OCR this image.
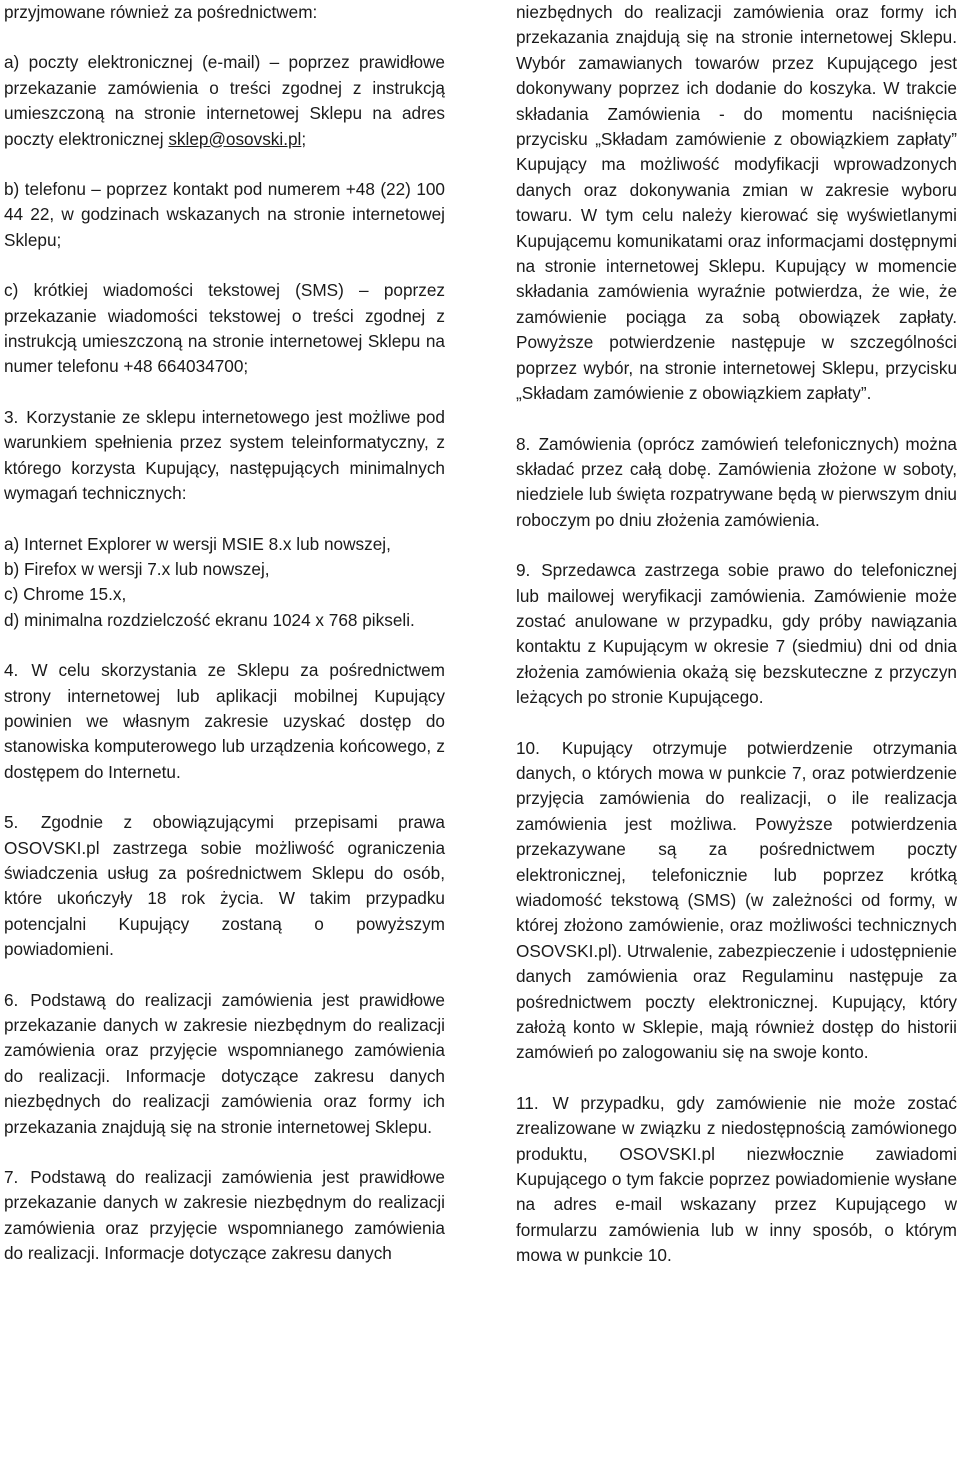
przyjmowane również za pośrednictwem:

a) poczty elektronicznej (e-mail) – poprzez prawidłowe przekazanie zamówienia o treści zgodnej z instrukcją umieszczoną na stronie internetowej Sklepu na adres poczty elektronicznej sklep@osovski.pl;

b) telefonu – poprzez kontakt pod numerem +48 (22) 100 44 22, w godzinach wskazanych na stronie internetowej Sklepu;

c) krótkiej wiadomości tekstowej (SMS) – poprzez przekazanie wiadomości tekstowej o treści zgodnej z instrukcją umieszczoną na stronie internetowej Sklepu na numer telefonu +48 664034700;

3. Korzystanie ze sklepu internetowego jest możliwe pod warunkiem spełnienia przez system teleinformatyczny, z którego korzysta Kupujący, następujących minimalnych wymagań technicznych:

a) Internet Explorer w wersji MSIE 8.x lub nowszej,
b) Firefox w wersji 7.x lub nowszej,
c) Chrome 15.x,
d) minimalna rozdzielczość ekranu 1024 x 768 pikseli.

4. W celu skorzystania ze Sklepu za pośrednictwem strony internetowej lub aplikacji mobilnej Kupujący powinien we własnym zakresie uzyskać dostęp do stanowiska komputerowego lub urządzenia końcowego, z dostępem do Internetu.

5. Zgodnie z obowiązującymi przepisami prawa OSOVSKI.pl zastrzega sobie możliwość ograniczenia świadczenia usług za pośrednictwem Sklepu do osób, które ukończyły 18 rok życia. W takim przypadku potencjalni Kupujący zostaną o powyższym powiadomieni.

6. Podstawą do realizacji zamówienia jest prawidłowe przekazanie danych w zakresie niezbędnym do realizacji zamówienia oraz przyjęcie wspomnianego zamówienia do realizacji. Informacje dotyczące zakresu danych niezbędnych do realizacji zamówienia oraz formy ich przekazania znajdują się na stronie internetowej Sklepu.

7. Podstawą do realizacji zamówienia jest prawidłowe przekazanie danych w zakresie niezbędnym do realizacji zamówienia oraz przyjęcie wspomnianego zamówienia do realizacji. Informacje dotyczące zakresu danych

niezbędnych do realizacji zamówienia oraz formy ich przekazania znajdują się na stronie internetowej Sklepu. Wybór zamawianych towarów przez Kupującego jest dokonywany poprzez ich dodanie do koszyka. W trakcie składania Zamówienia - do momentu naciśnięcia przycisku „Składam zamówienie z obowiązkiem zapłaty” Kupujący ma możliwość modyfikacji wprowadzonych danych oraz dokonywania zmian w zakresie wyboru towaru. W tym celu należy kierować się wyświetlanymi Kupującemu komunikatami oraz informacjami dostępnymi na stronie internetowej Sklepu. Kupujący w momencie składania zamówienia wyraźnie potwierdza, że wie, że zamówienie pociąga za sobą obowiązek zapłaty. Powyższe potwierdzenie następuje w szczególności poprzez wybór, na stronie internetowej Sklepu, przycisku „Składam zamówienie z obowiązkiem zapłaty”.

8. Zamówienia (oprócz zamówień telefonicznych) można składać przez całą dobę. Zamówienia złożone w soboty, niedziele lub święta rozpatrywane będą w pierwszym dniu roboczym po dniu złożenia zamówienia.

9. Sprzedawca zastrzega sobie prawo do telefonicznej lub mailowej weryfikacji zamówienia. Zamówienie może zostać anulowane w przypadku, gdy próby nawiązania kontaktu z Kupującym w okresie 7 (siedmiu) dni od dnia złożenia zamówienia okażą się bezskuteczne z przyczyn leżących po stronie Kupującego.

10. Kupujący otrzymuje potwierdzenie otrzymania danych, o których mowa w punkcie 7, oraz potwierdzenie przyjęcia zamówienia do realizacji, o ile realizacja zamówienia jest możliwa. Powyższe potwierdzenia przekazywane są za pośrednictwem poczty elektronicznej, telefonicznie lub poprzez krótką wiadomość tekstową (SMS) (w zależności od formy, w której złożono zamówienie, oraz możliwości technicznych OSOVSKI.pl). Utrwalenie, zabezpieczenie i udostępnienie danych zamówienia oraz Regulaminu następuje za pośrednictwem poczty elektronicznej. Kupujący, który założą konto w Sklepie, mają również dostęp do historii zamówień po zalogowaniu się na swoje konto.

11. W przypadku, gdy zamówienie nie może zostać zrealizowane w związku z niedostępnością zamówionego produktu, OSOVSKI.pl niezwłocznie zawiadomi Kupującego o tym fakcie poprzez powiadomienie wysłane na adres e-mail wskazany przez Kupującego w formularzu zamówienia lub w inny sposób, o którym mowa w punkcie 10.
